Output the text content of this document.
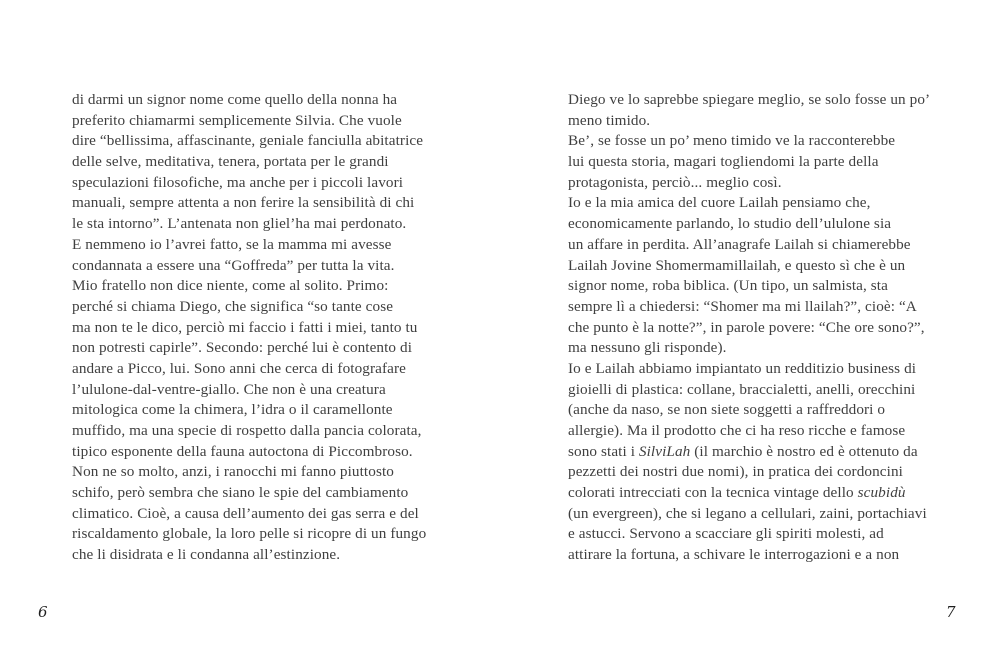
di darmi un signor nome come quello della nonna ha
preferito chiamarmi semplicemente Silvia. Che vuole
dire “bellissima, affascinante, geniale fanciulla abitatrice
delle selve, meditativa, tenera, portata per le grandi
speculazioni filosofiche, ma anche per i piccoli lavori
manuali, sempre attenta a non ferire la sensibilità di chi
le sta intorno”. L’antenata non gliel’ha mai perdonato.
E nemmeno io l’avrei fatto, se la mamma mi avesse
condannata a essere una “Goffreda” per tutta la vita.
Mio fratello non dice niente, come al solito. Primo:
perché si chiama Diego, che significa “so tante cose
ma non te le dico, perciò mi faccio i fatti i miei, tanto tu
non potresti capirle”. Secondo: perché lui è contento di
andare a Picco, lui. Sono anni che cerca di fotografare
l’ululone-dal-ventre-giallo. Che non è una creatura
mitologica come la chimera, l’idra o il caramellonte
muffido, ma una specie di rospetto dalla pancia colorata,
tipico esponente della fauna autoctona di Piccombroso.
Non ne so molto, anzi, i ranocchi mi fanno piuttosto
schifo, però sembra che siano le spie del cambiamento
climatico. Cioè, a causa dell’aumento dei gas serra e del
riscaldamento globale, la loro pelle si ricopre di un fungo
che li disidrata e li condanna all’estinzione.
6
Diego ve lo saprebbe spiegare meglio, se solo fosse un po’
meno timido.
Be’, se fosse un po’ meno timido ve la racconterebbe
lui questa storia, magari togliendomi la parte della
protagonista, perciò... meglio così.
Io e la mia amica del cuore Lailah pensiamo che,
economicamente parlando, lo studio dell’ululone sia
un affare in perdita. All’anagrafe Lailah si chiamerebbe
Lailah Jovine Shomermamillailah, e questo sì che è un
signor nome, roba biblica. (Un tipo, un salmista, sta
sempre lì a chiedersi: “Shomer ma mi llailah?”, cioè: “A
che punto è la notte?”, in parole povere: “Che ore sono?”,
ma nessuno gli risponde).
Io e Lailah abbiamo impiantato un redditizio business di
gioielli di plastica: collane, braccialetti, anelli, orecchini
(anche da naso, se non siete soggetti a raffreddori o
allergie). Ma il prodotto che ci ha reso ricche e famose
sono stati i SilviLah (il marchio è nostro ed è ottenuto da
pezzetti dei nostri due nomi), in pratica dei cordoncini
colorati intrecciati con la tecnica vintage dello scubidù
(un evergreen), che si legano a cellulari, zaini, portachiavi
e astucci. Servono a scacciare gli spiriti molesti, ad
attirare la fortuna, a schivare le interrogazioni e a non
7
